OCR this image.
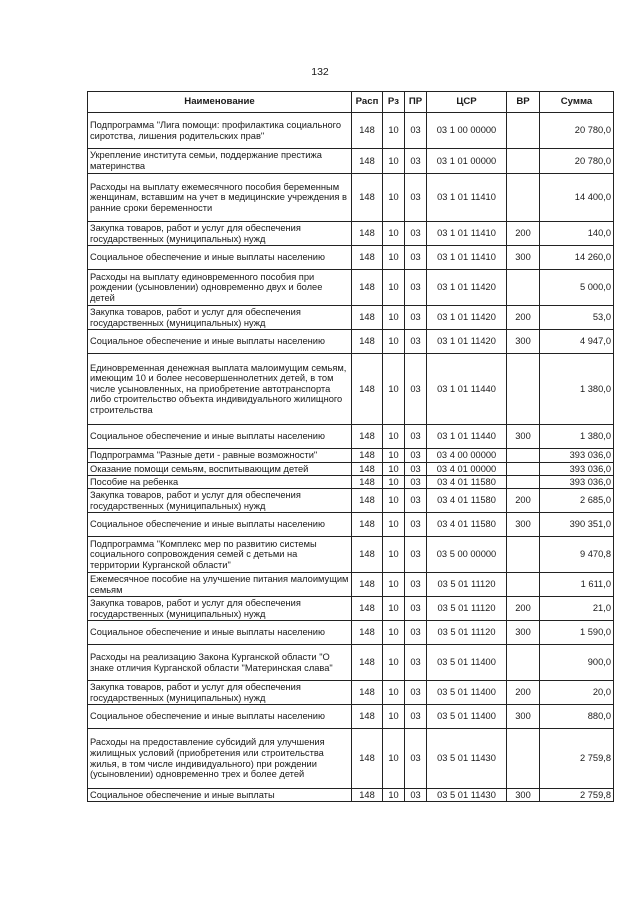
132
Наименование	Расп	Рз	ПР	ЦСР	ВР	Сумма
Подпрограмма "Лига помощи: профилактика социального сиротства, лишения родительских прав"	148	10	03	03 1 00 00000		20 780,0
Укрепление института семьи, поддержание престижа материнства	148	10	03	03 1 01 00000		20 780,0
Расходы на выплату ежемесячного пособия беременным женщинам, вставшим на учет в медицинские учреждения в ранние сроки беременности	148	10	03	03 1 01 11410		14 400,0
Закупка товаров, работ и услуг для обеспечения государственных (муниципальных) нужд	148	10	03	03 1 01 11410	200	140,0
Социальное обеспечение и иные выплаты населению	148	10	03	03 1 01 11410	300	14 260,0
Расходы на выплату единовременного пособия при рождении (усыновлении) одновременно двух и более детей	148	10	03	03 1 01 11420		5 000,0
Закупка товаров, работ и услуг для обеспечения государственных (муниципальных) нужд	148	10	03	03 1 01 11420	200	53,0
Социальное обеспечение и иные выплаты населению	148	10	03	03 1 01 11420	300	4 947,0
Единовременная денежная выплата малоимущим семьям, имеющим 10 и более несовершеннолетних детей, в том числе усыновленных, на приобретение автотранспорта либо строительство объекта индивидуального жилищного строительства	148	10	03	03 1 01 11440		1 380,0
Социальное обеспечение и иные выплаты населению	148	10	03	03 1 01 11440	300	1 380,0
Подпрограмма "Разные дети - равные возможности"	148	10	03	03 4 00 00000		393 036,0
Оказание помощи семьям, воспитывающим детей	148	10	03	03 4 01 00000		393 036,0
Пособие на ребенка	148	10	03	03 4 01 11580		393 036,0
Закупка товаров, работ и услуг для обеспечения государственных (муниципальных) нужд	148	10	03	03 4 01 11580	200	2 685,0
Социальное обеспечение и иные выплаты населению	148	10	03	03 4 01 11580	300	390 351,0
Подпрограмма "Комплекс мер по развитию системы социального сопровождения семей с детьми на территории Курганской области"	148	10	03	03 5 00 00000		9 470,8
Ежемесячное пособие на улучшение питания малоимущим семьям	148	10	03	03 5 01 11120		1 611,0
Закупка товаров, работ и услуг для обеспечения государственных (муниципальных) нужд	148	10	03	03 5 01 11120	200	21,0
Социальное обеспечение и иные выплаты населению	148	10	03	03 5 01 11120	300	1 590,0
Расходы на реализацию Закона Курганской области "О знаке отличия Курганской области "Материнская слава"	148	10	03	03 5 01 11400		900,0
Закупка товаров, работ и услуг для обеспечения государственных (муниципальных) нужд	148	10	03	03 5 01 11400	200	20,0
Социальное обеспечение и иные выплаты населению	148	10	03	03 5 01 11400	300	880,0
Расходы на предоставление субсидий для улучшения жилищных условий (приобретения или строительства жилья, в том числе индивидуального) при рождении (усыновлении) одновременно трех и более детей	148	10	03	03 5 01 11430		2 759,8
Социальное обеспечение и иные выплаты	148	10	03	03 5 01 11430	300	2 759,8
